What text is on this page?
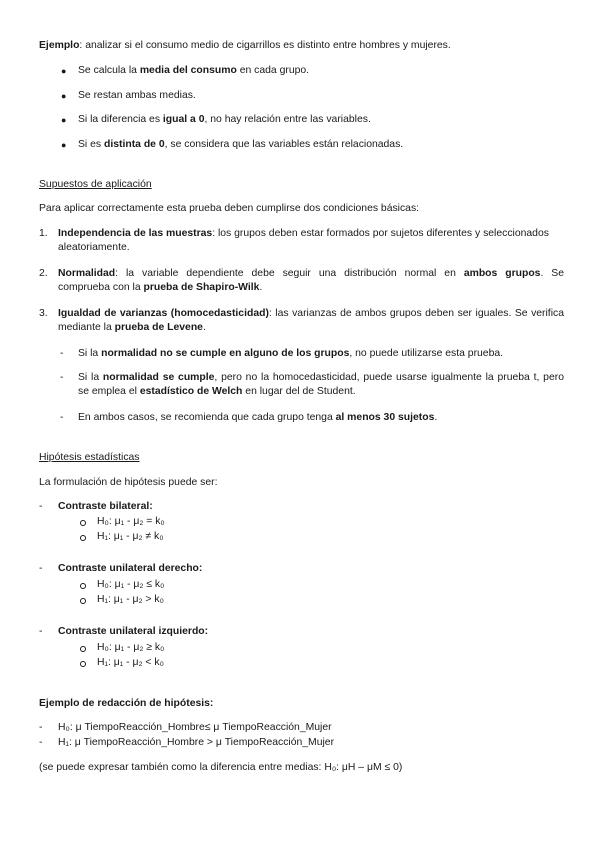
Ejemplo: analizar si el consumo medio de cigarrillos es distinto entre hombres y mujeres.
● Se calcula la media del consumo en cada grupo.
● Se restan ambas medias.
● Si la diferencia es igual a 0, no hay relación entre las variables.
● Si es distinta de 0, se considera que las variables están relacionadas.
Supuestos de aplicación
Para aplicar correctamente esta prueba deben cumplirse dos condiciones básicas:
1. Independencia de las muestras: los grupos deben estar formados por sujetos diferentes y seleccionados
aleatoriamente.
2. Normalidad: la variable dependiente debe seguir una distribución normal en ambos grupos. Se
comprueba con la prueba de Shapiro-Wilk.
3. Igualdad de varianzas (homocedasticidad): las varianzas de ambos grupos deben ser iguales. Se verifica
mediante la prueba de Levene.
- Si la normalidad no se cumple en alguno de los grupos, no puede utilizarse esta prueba.
- Si la normalidad se cumple, pero no la homocedasticidad, puede usarse igualmente la prueba t, pero
se emplea el estadístico de Welch en lugar del de Student.
- En ambos casos, se recomienda que cada grupo tenga al menos 30 sujetos.
Hipótesis estadísticas
La formulación de hipótesis puede ser:
- Contraste bilateral:
H₀: μ₁ - μ₂ = k₀
H₁: μ₁ - μ₂ ≠ k₀
- Contraste unilateral derecho:
H₀: μ₁ - μ₂ ≤ k₀
H₁: μ₁ - μ₂ > k₀
- Contraste unilateral izquierdo:
H₀: μ₁ - μ₂ ≥ k₀
H₁: μ₁ - μ₂ < k₀
Ejemplo de redacción de hipótesis:
- H₀: μ TiempoReacción_Hombre≤ μ TiempoReacción_Mujer
- H₁: μ TiempoReacción_Hombre > μ TiempoReacción_Mujer
(se puede expresar también como la diferencia entre medias: H₀: μH – μM ≤ 0)
